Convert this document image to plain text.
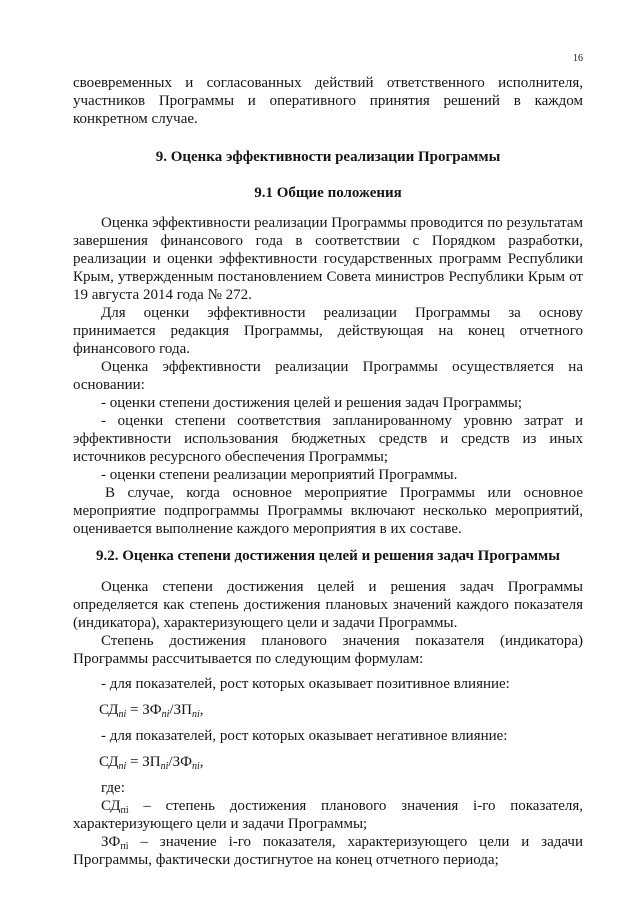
16

своевременных и согласованных действий ответственного исполнителя, участников Программы и оперативного принятия решений в каждом конкретном случае.

9. Оценка эффективности реализации Программы
9.1 Общие положения

Оценка эффективности реализации Программы проводится по результатам завершения финансового года в соответствии с Порядком разработки, реализации и оценки эффективности государственных программ Республики Крым, утвержденным постановлением Совета министров Республики Крым от 19 августа 2014 года № 272.

Для оценки эффективности реализации Программы за основу принимается редакция Программы, действующая на конец отчетного финансового года.

Оценка эффективности реализации Программы осуществляется на основании:

- оценки степени достижения целей и решения задач Программы;

- оценки степени соответствия запланированному уровню затрат и эффективности использования бюджетных средств и средств из иных источников ресурсного обеспечения Программы;

- оценки степени реализации мероприятий Программы.

В случае, когда основное мероприятие Программы или основное мероприятие подпрограммы Программы включают несколько мероприятий, оценивается выполнение каждого мероприятия в их составе.

9.2. Оценка степени достижения целей и решения задач Программы

Оценка степени достижения целей и решения задач Программы определяется как степень достижения плановых значений каждого показателя (индикатора), характеризующего цели и задачи Программы.

Степень достижения планового значения показателя (индикатора) Программы рассчитывается по следующим формулам:

- для показателей, рост которых оказывает позитивное влияние:

$СД_{пi} = ЗФ_{пi}/ЗП_{пi}$,

- для показателей, рост которых оказывает негативное влияние:

$СД_{пi} = ЗП_{пi}/ЗФ_{пi}$,

где:

$СД_{пi}$ – степень достижения планового значения i-го показателя, характеризующего цели и задачи Программы;

$ЗФ_{пi}$ – значение i-го показателя, характеризующего цели и задачи Программы, фактически достигнутое на конец отчетного периода;
